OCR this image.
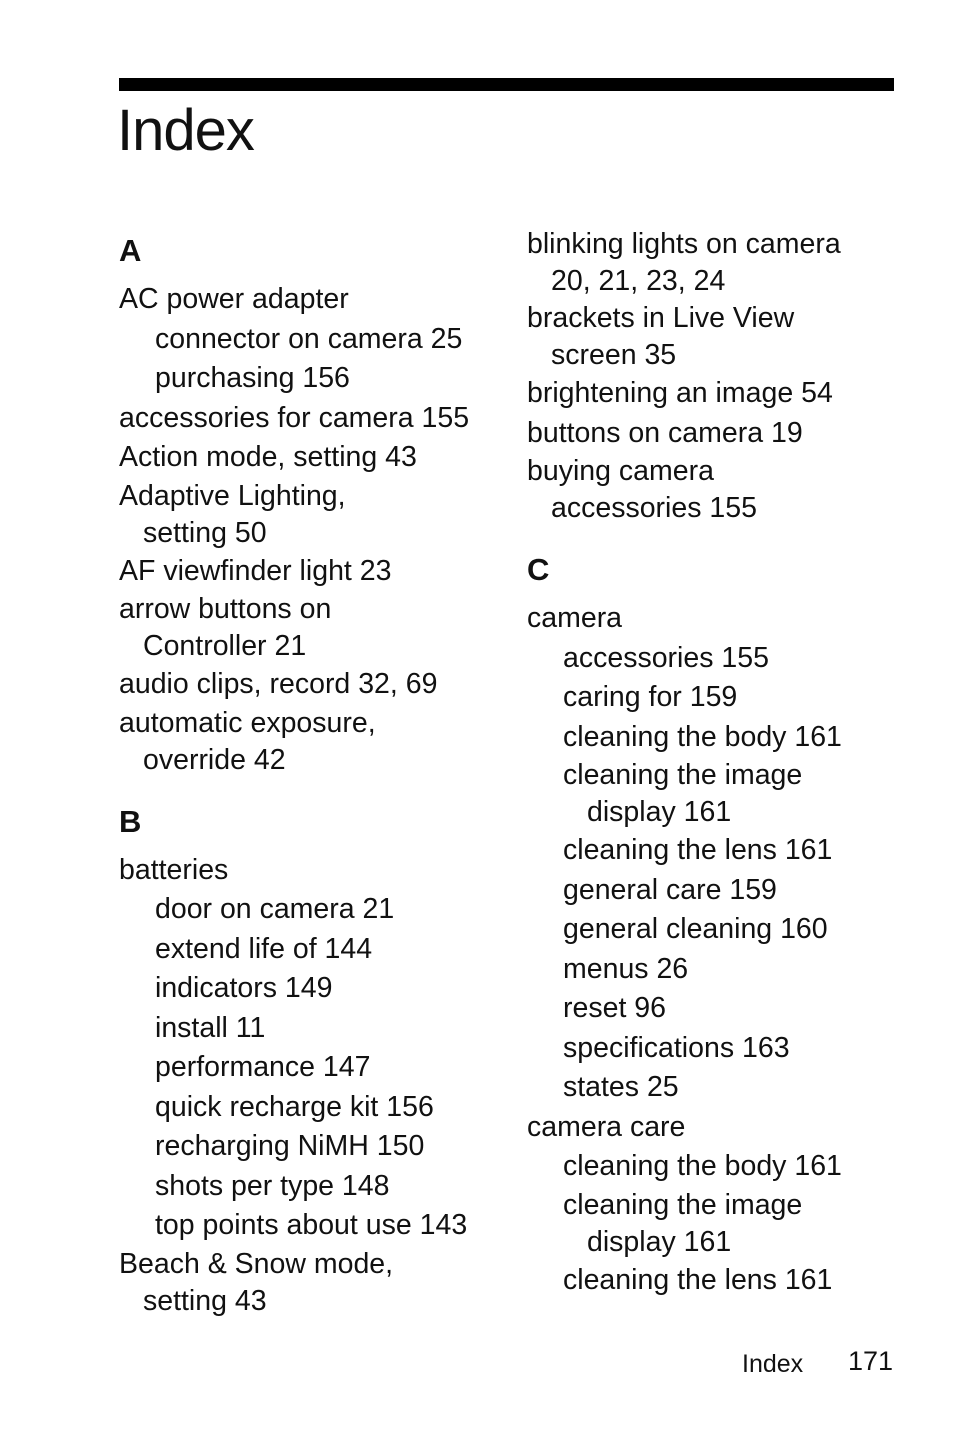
Index
A
AC power adapter
connector on camera 25
purchasing 156
accessories for camera 155
Action mode, setting 43
Adaptive Lighting,
setting 50
AF viewfinder light 23
arrow buttons on
Controller 21
audio clips, record 32, 69
automatic exposure,
override 42
B
batteries
door on camera 21
extend life of 144
indicators 149
install 11
performance 147
quick recharge kit 156
recharging NiMH 150
shots per type 148
top points about use 143
Beach & Snow mode,
setting 43
blinking lights on camera
20, 21, 23, 24
brackets in Live View
screen 35
brightening an image 54
buttons on camera 19
buying camera
accessories 155
C
camera
accessories 155
caring for 159
cleaning the body 161
cleaning the image
display 161
cleaning the lens 161
general care 159
general cleaning 160
menus 26
reset 96
specifications 163
states 25
camera care
cleaning the body 161
cleaning the image
display 161
cleaning the lens 161
Index 171
